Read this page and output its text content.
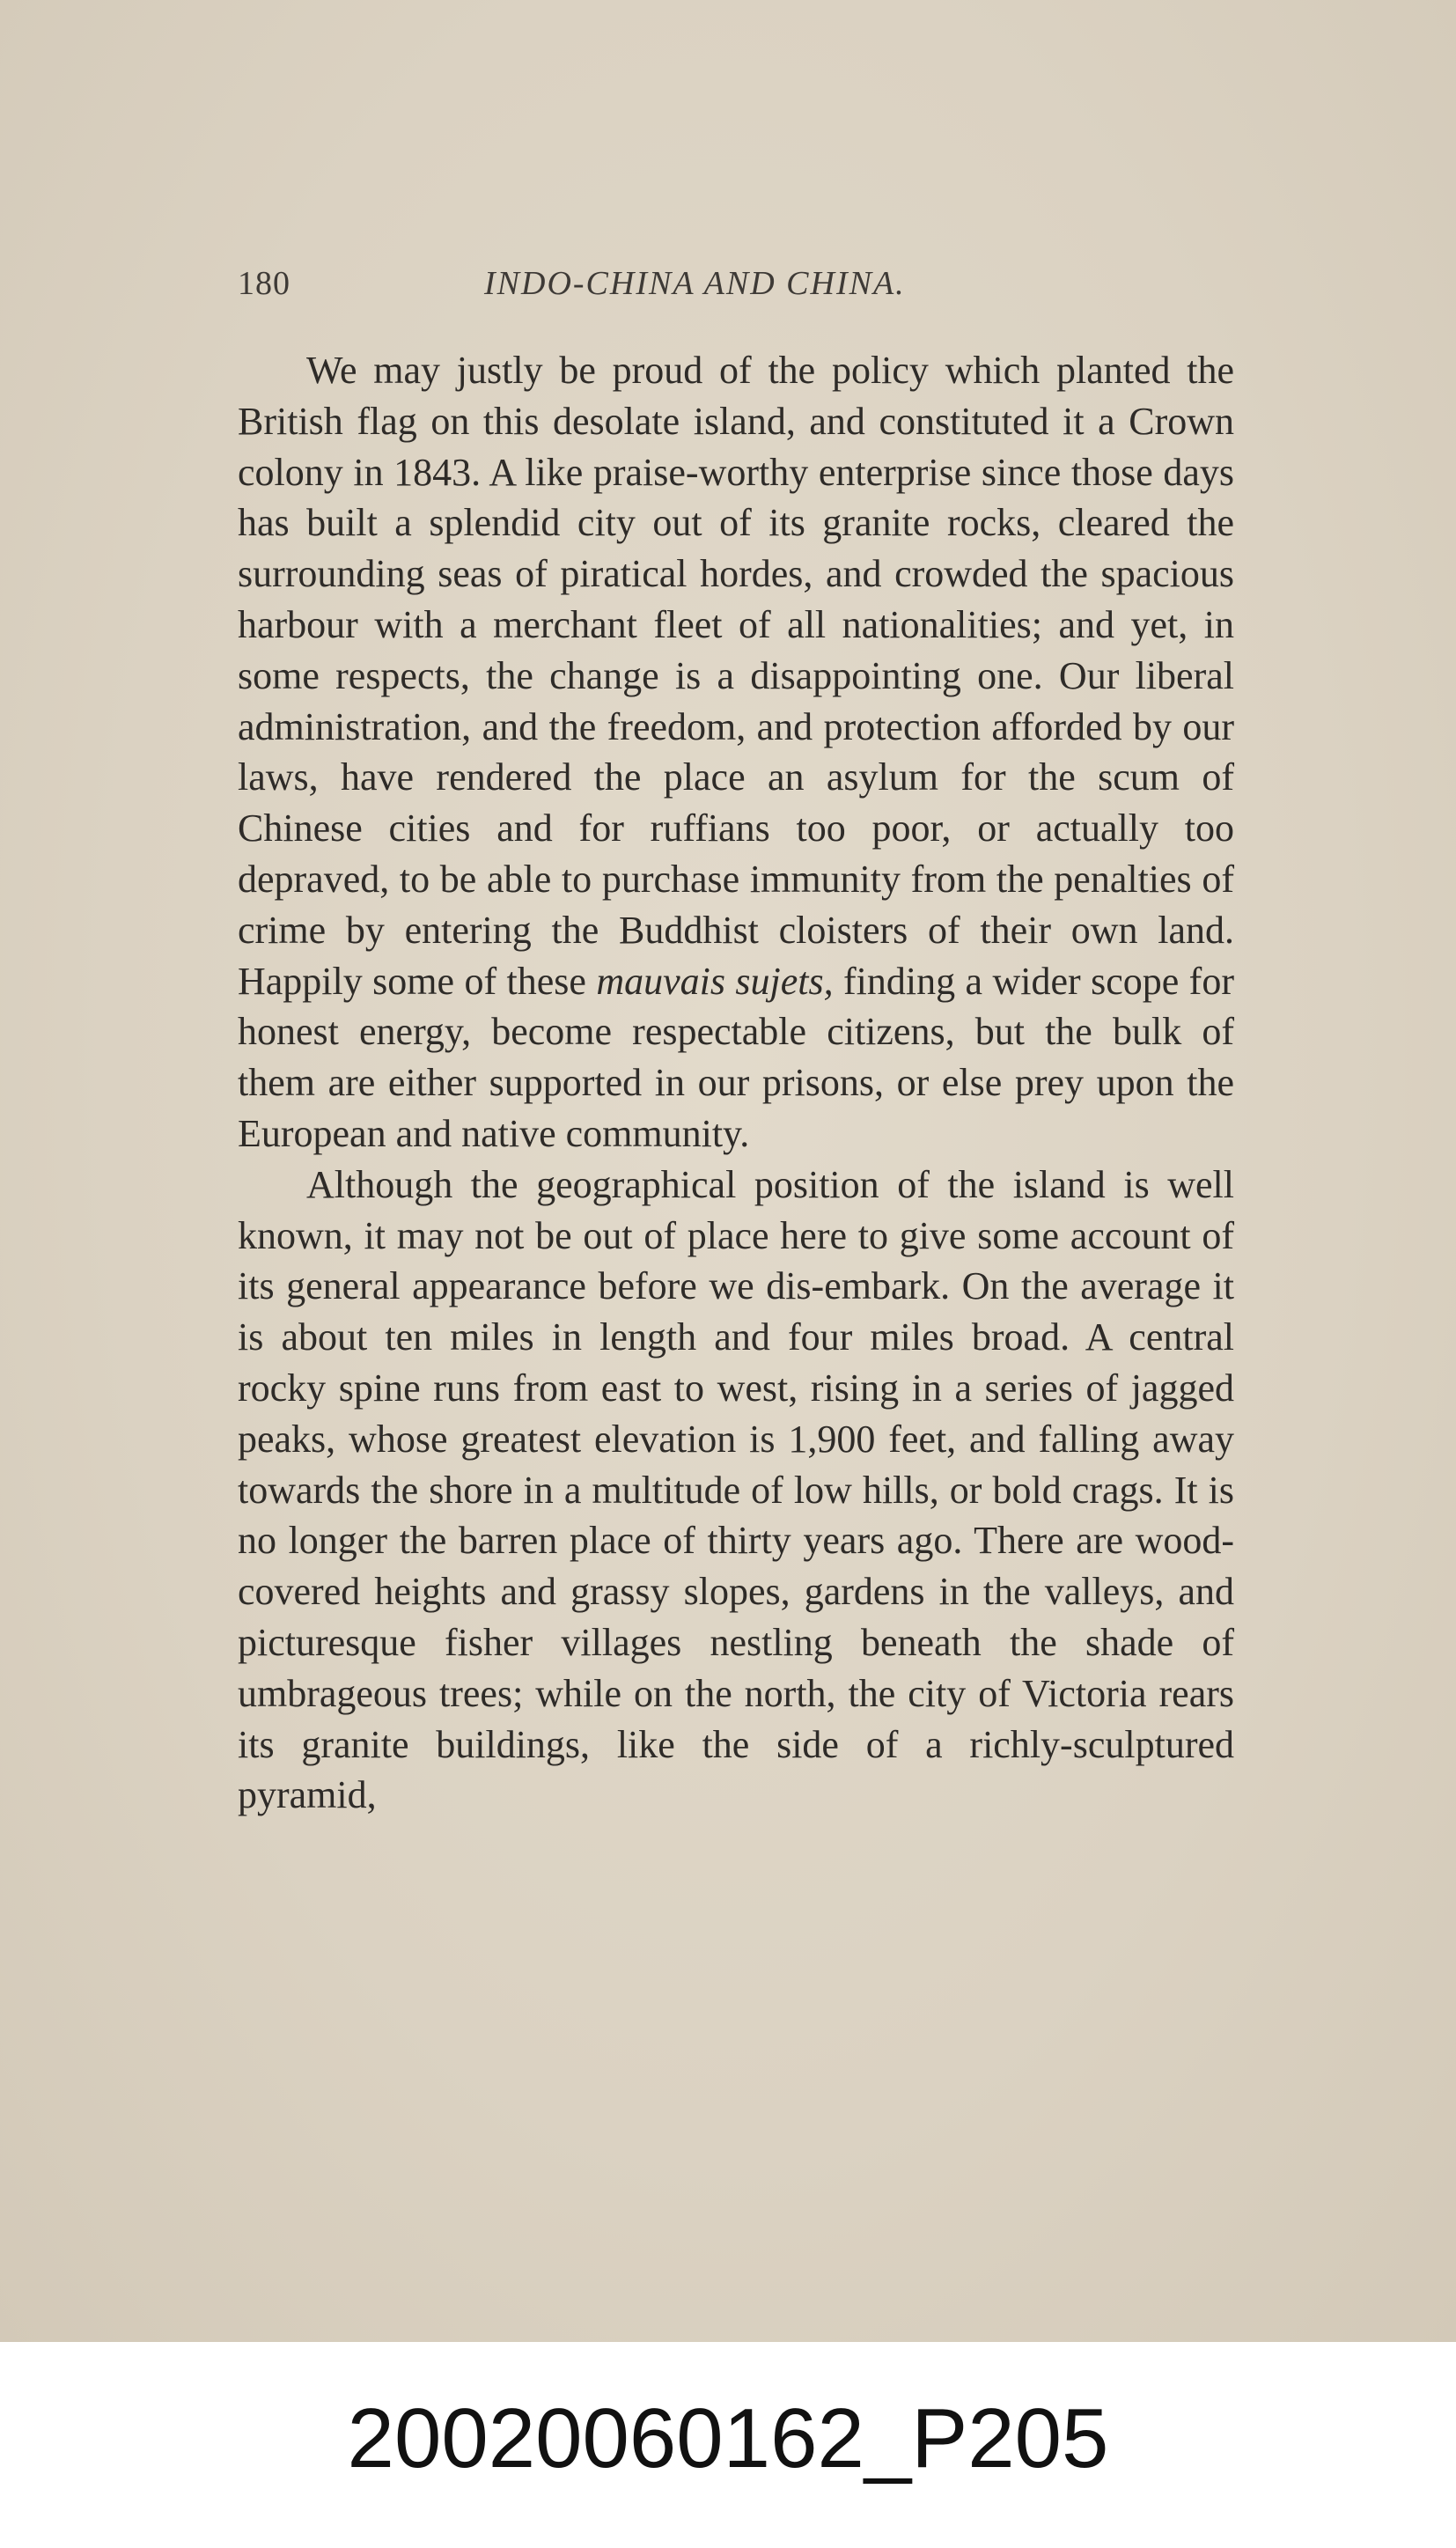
180	INDO-CHINA AND CHINA.

We may justly be proud of the policy which planted the British flag on this desolate island, and constituted it a Crown colony in 1843. A like praise-worthy enterprise since those days has built a splendid city out of its granite rocks, cleared the surrounding seas of piratical hordes, and crowded the spacious harbour with a merchant fleet of all nationalities; and yet, in some respects, the change is a disappointing one. Our liberal administration, and the freedom, and protection afforded by our laws, have rendered the place an asylum for the scum of Chinese cities and for ruffians too poor, or actually too depraved, to be able to purchase immunity from the penalties of crime by entering the Buddhist cloisters of their own land. Happily some of these mauvais sujets, finding a wider scope for honest energy, become respectable citizens, but the bulk of them are either supported in our prisons, or else prey upon the European and native community.

Although the geographical position of the island is well known, it may not be out of place here to give some account of its general appearance before we dis-embark. On the average it is about ten miles in length and four miles broad. A central rocky spine runs from east to west, rising in a series of jagged peaks, whose greatest elevation is 1,900 feet, and falling away towards the shore in a multitude of low hills, or bold crags. It is no longer the barren place of thirty years ago. There are wood-covered heights and grassy slopes, gardens in the valleys, and picturesque fisher villages nestling beneath the shade of umbrageous trees; while on the north, the city of Victoria rears its granite buildings, like the side of a richly-sculptured pyramid,

20020060162_P205
